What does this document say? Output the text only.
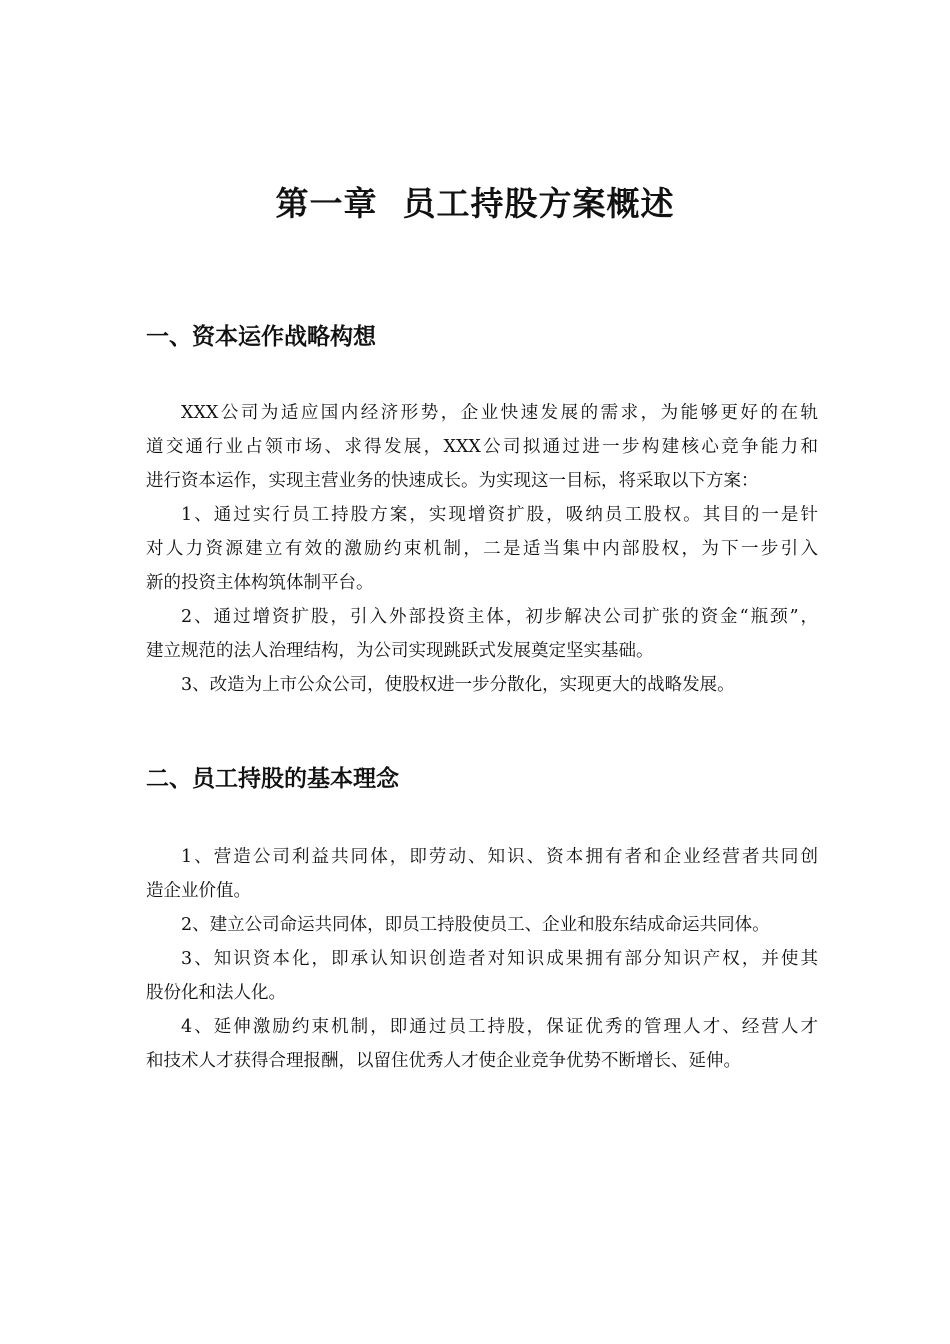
第一章  员工持股方案概述
一、资本运作战略构想
XXX公司为适应国内经济形势，企业快速发展的需求，为能够更好的在轨
道交通行业占领市场、求得发展，XXX公司拟通过进一步构建核心竞争能力和
进行资本运作，实现主营业务的快速成长。为实现这一目标，将采取以下方案：
1、通过实行员工持股方案，实现增资扩股，吸纳员工股权。其目的一是针
对人力资源建立有效的激励约束机制，二是适当集中内部股权，为下一步引入
新的投资主体构筑体制平台。
2、通过增资扩股，引入外部投资主体，初步解决公司扩张的资金“瓶颈”，
建立规范的法人治理结构，为公司实现跳跃式发展奠定坚实基础。
3、改造为上市公众公司，使股权进一步分散化，实现更大的战略发展。
二、员工持股的基本理念
1、营造公司利益共同体，即劳动、知识、资本拥有者和企业经营者共同创
造企业价值。
2、建立公司命运共同体，即员工持股使员工、企业和股东结成命运共同体。
3、知识资本化，即承认知识创造者对知识成果拥有部分知识产权，并使其
股份化和法人化。
4、延伸激励约束机制，即通过员工持股，保证优秀的管理人才、经营人才
和技术人才获得合理报酬，以留住优秀人才使企业竞争优势不断增长、延伸。
